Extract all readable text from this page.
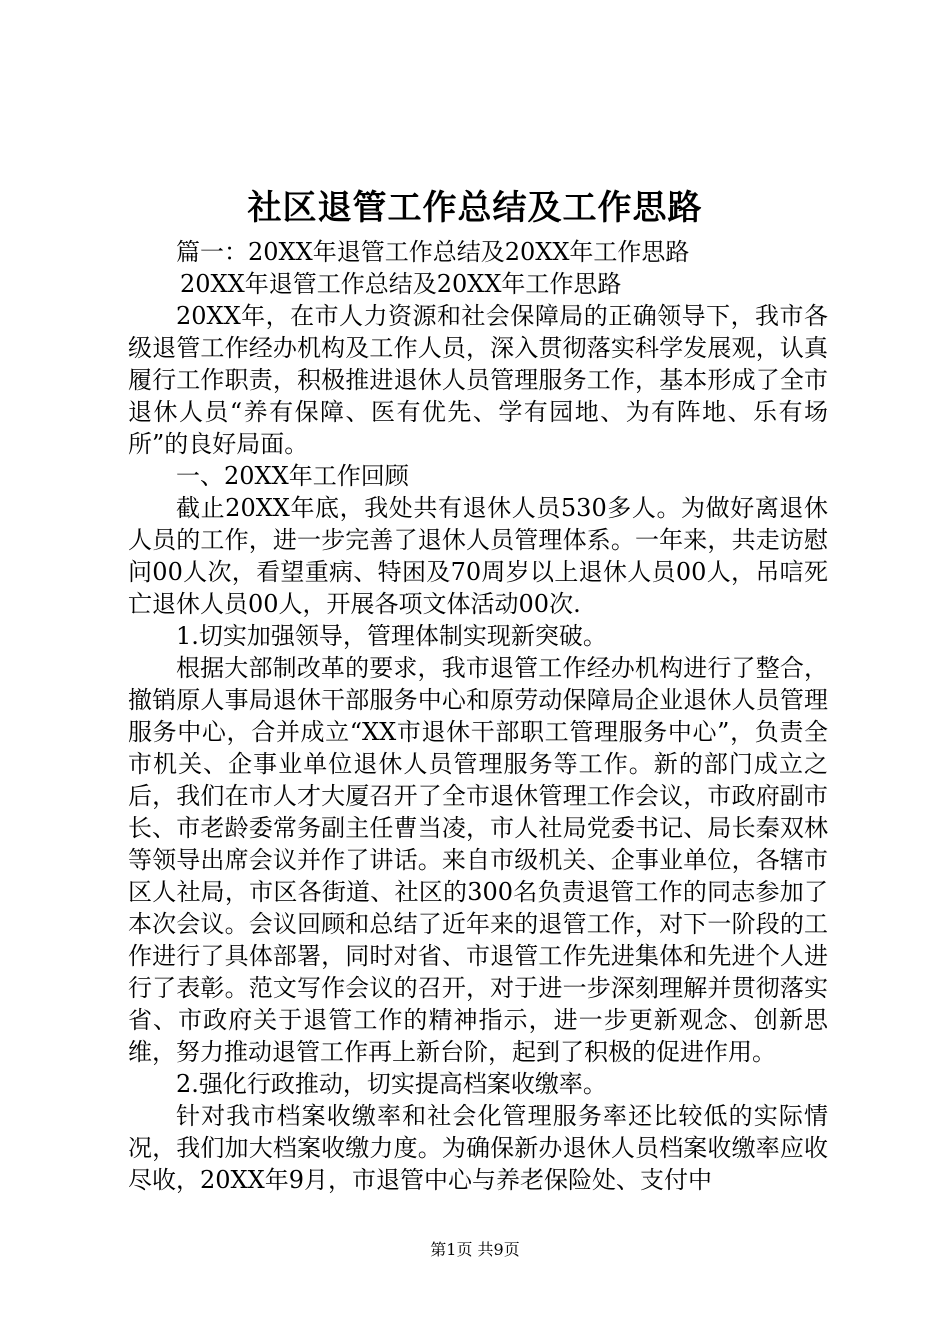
社区退管工作总结及工作思路

篇一：20XX年退管工作总结及20XX年工作思路

20XX年退管工作总结及20XX年工作思路

20XX年，在市人力资源和社会保障局的正确领导下，我市各级退管工作经办机构及工作人员，深入贯彻落实科学发展观，认真履行工作职责，积极推进退休人员管理服务工作，基本形成了全市退休人员“养有保障、医有优先、学有园地、为有阵地、乐有场所”的良好局面。

一、20XX年工作回顾

截止20XX年底，我处共有退休人员530多人。为做好离退休人员的工作，进一步完善了退休人员管理体系。一年来，共走访慰问00人次，看望重病、特困及70周岁以上退休人员00人，吊唁死亡退休人员00人，开展各项文体活动00次.

1.切实加强领导，管理体制实现新突破。

根据大部制改革的要求，我市退管工作经办机构进行了整合，撤销原人事局退休干部服务中心和原劳动保障局企业退休人员管理服务中心，合并成立“XX市退休干部职工管理服务中心”，负责全市机关、企事业单位退休人员管理服务等工作。新的部门成立之后，我们在市人才大厦召开了全市退休管理工作会议，市政府副市长、市老龄委常务副主任曹当凌，市人社局党委书记、局长秦双林等领导出席会议并作了讲话。来自市级机关、企事业单位，各辖市区人社局，市区各街道、社区的300名负责退管工作的同志参加了本次会议。会议回顾和总结了近年来的退管工作，对下一阶段的工作进行了具体部署，同时对省、市退管工作先进集体和先进个人进行了表彰。范文写作会议的召开，对于进一步深刻理解并贯彻落实省、市政府关于退管工作的精神指示，进一步更新观念、创新思维，努力推动退管工作再上新台阶，起到了积极的促进作用。

2.强化行政推动，切实提高档案收缴率。

针对我市档案收缴率和社会化管理服务率还比较低的实际情况，我们加大档案收缴力度。为确保新办退休人员档案收缴率应收尽收，20XX年9月，市退管中心与养老保险处、支付中

第1页 共9页
